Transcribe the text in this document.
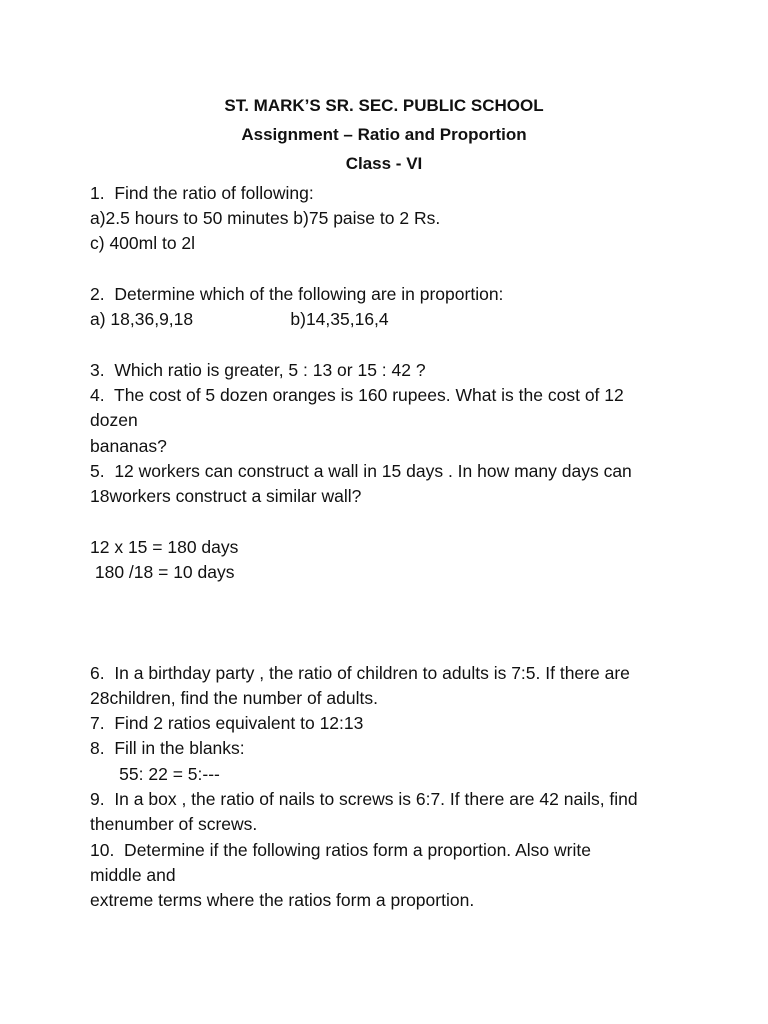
ST. MARK’S SR. SEC. PUBLIC SCHOOL
Assignment – Ratio and Proportion
Class - VI
1.  Find the ratio of following:
a)2.5 hours to 50 minutes b)75 paise to 2 Rs.
c) 400ml to 2l
2.  Determine which of the following are in proportion:
a) 18,36,9,18                    b)14,35,16,4
3.  Which ratio is greater, 5 : 13 or 15 : 42 ?
4.  The cost of 5 dozen oranges is 160 rupees. What is the cost of 12
dozen
bananas?
5.  12 workers can construct a wall in 15 days . In how many days can
18workers construct a similar wall?
12 x 15 = 180 days
180 /18 = 10 days
6.  In a birthday party , the ratio of children to adults is 7:5. If there are
28children, find the number of adults.
7.  Find 2 ratios equivalent to 12:13
8.  Fill in the blanks:
55: 22 = 5:---
9.  In a box , the ratio of nails to screws is 6:7. If there are 42 nails, find
thenumber of screws.
10.  Determine if the following ratios form a proportion. Also write
middle and
extreme terms where the ratios form a proportion.
